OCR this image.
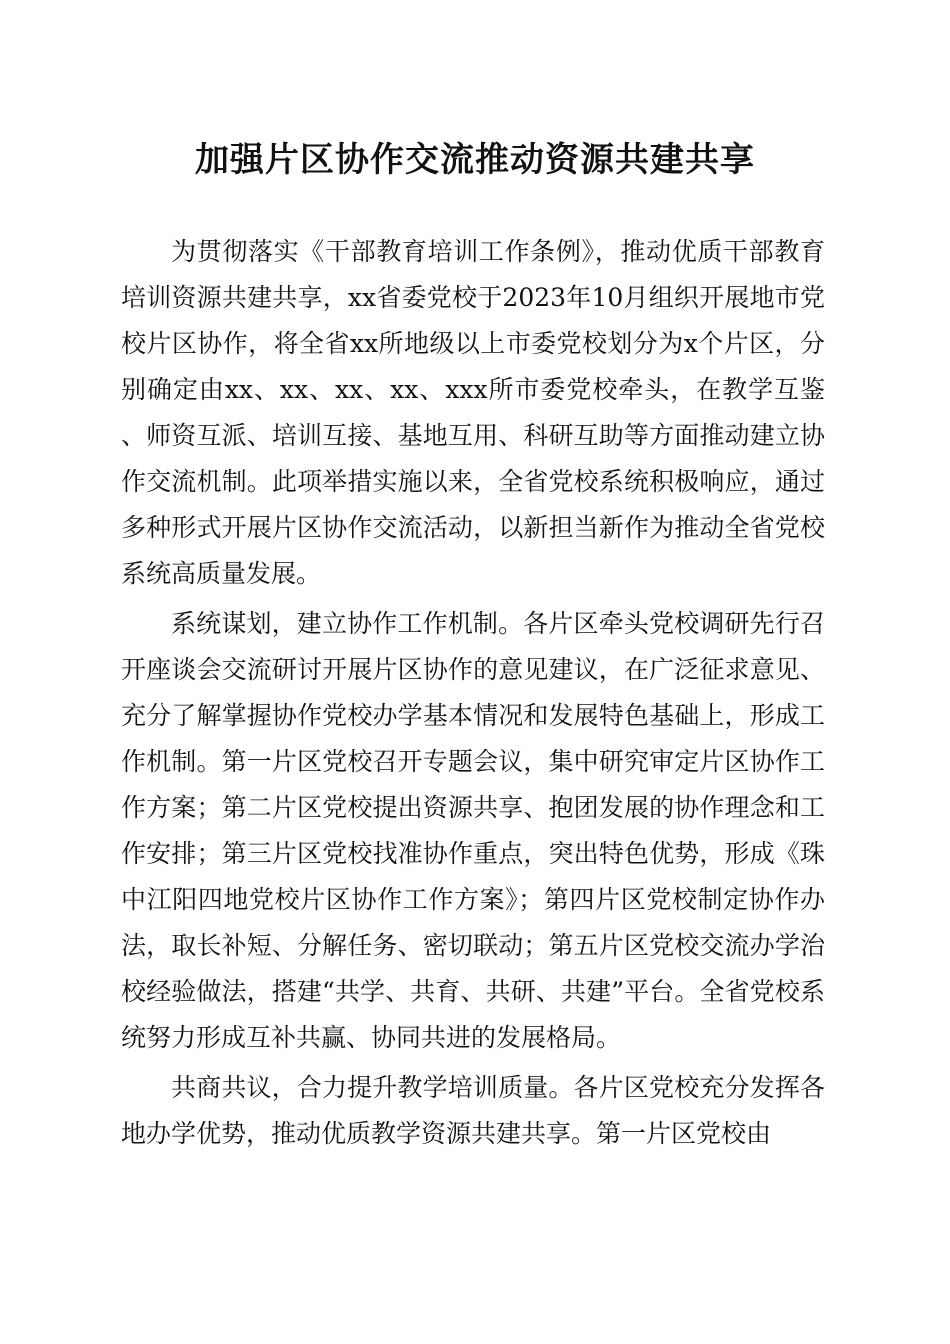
加强片区协作交流推动资源共建共享

为贯彻落实《干部教育培训工作条例》，推动优质干部教育培训资源共建共享，xx省委党校于2023年10月组织开展地市党校片区协作，将全省xx所地级以上市委党校划分为x个片区，分别确定由xx、xx、xx、xx、xxx所市委党校牵头，在教学互鉴、师资互派、培训互接、基地互用、科研互助等方面推动建立协作交流机制。此项举措实施以来，全省党校系统积极响应，通过多种形式开展片区协作交流活动，以新担当新作为推动全省党校系统高质量发展。

系统谋划，建立协作工作机制。各片区牵头党校调研先行召开座谈会交流研讨开展片区协作的意见建议，在广泛征求意见、充分了解掌握协作党校办学基本情况和发展特色基础上，形成工作机制。第一片区党校召开专题会议，集中研究审定片区协作工作方案；第二片区党校提出资源共享、抱团发展的协作理念和工作安排；第三片区党校找准协作重点，突出特色优势，形成《珠中江阳四地党校片区协作工作方案》；第四片区党校制定协作办法，取长补短、分解任务、密切联动；第五片区党校交流办学治校经验做法，搭建“共学、共育、共研、共建”平台。全省党校系统努力形成互补共赢、协同共进的发展格局。

共商共议，合力提升教学培训质量。各片区党校充分发挥各地办学优势，推动优质教学资源共建共享。第一片区党校由
